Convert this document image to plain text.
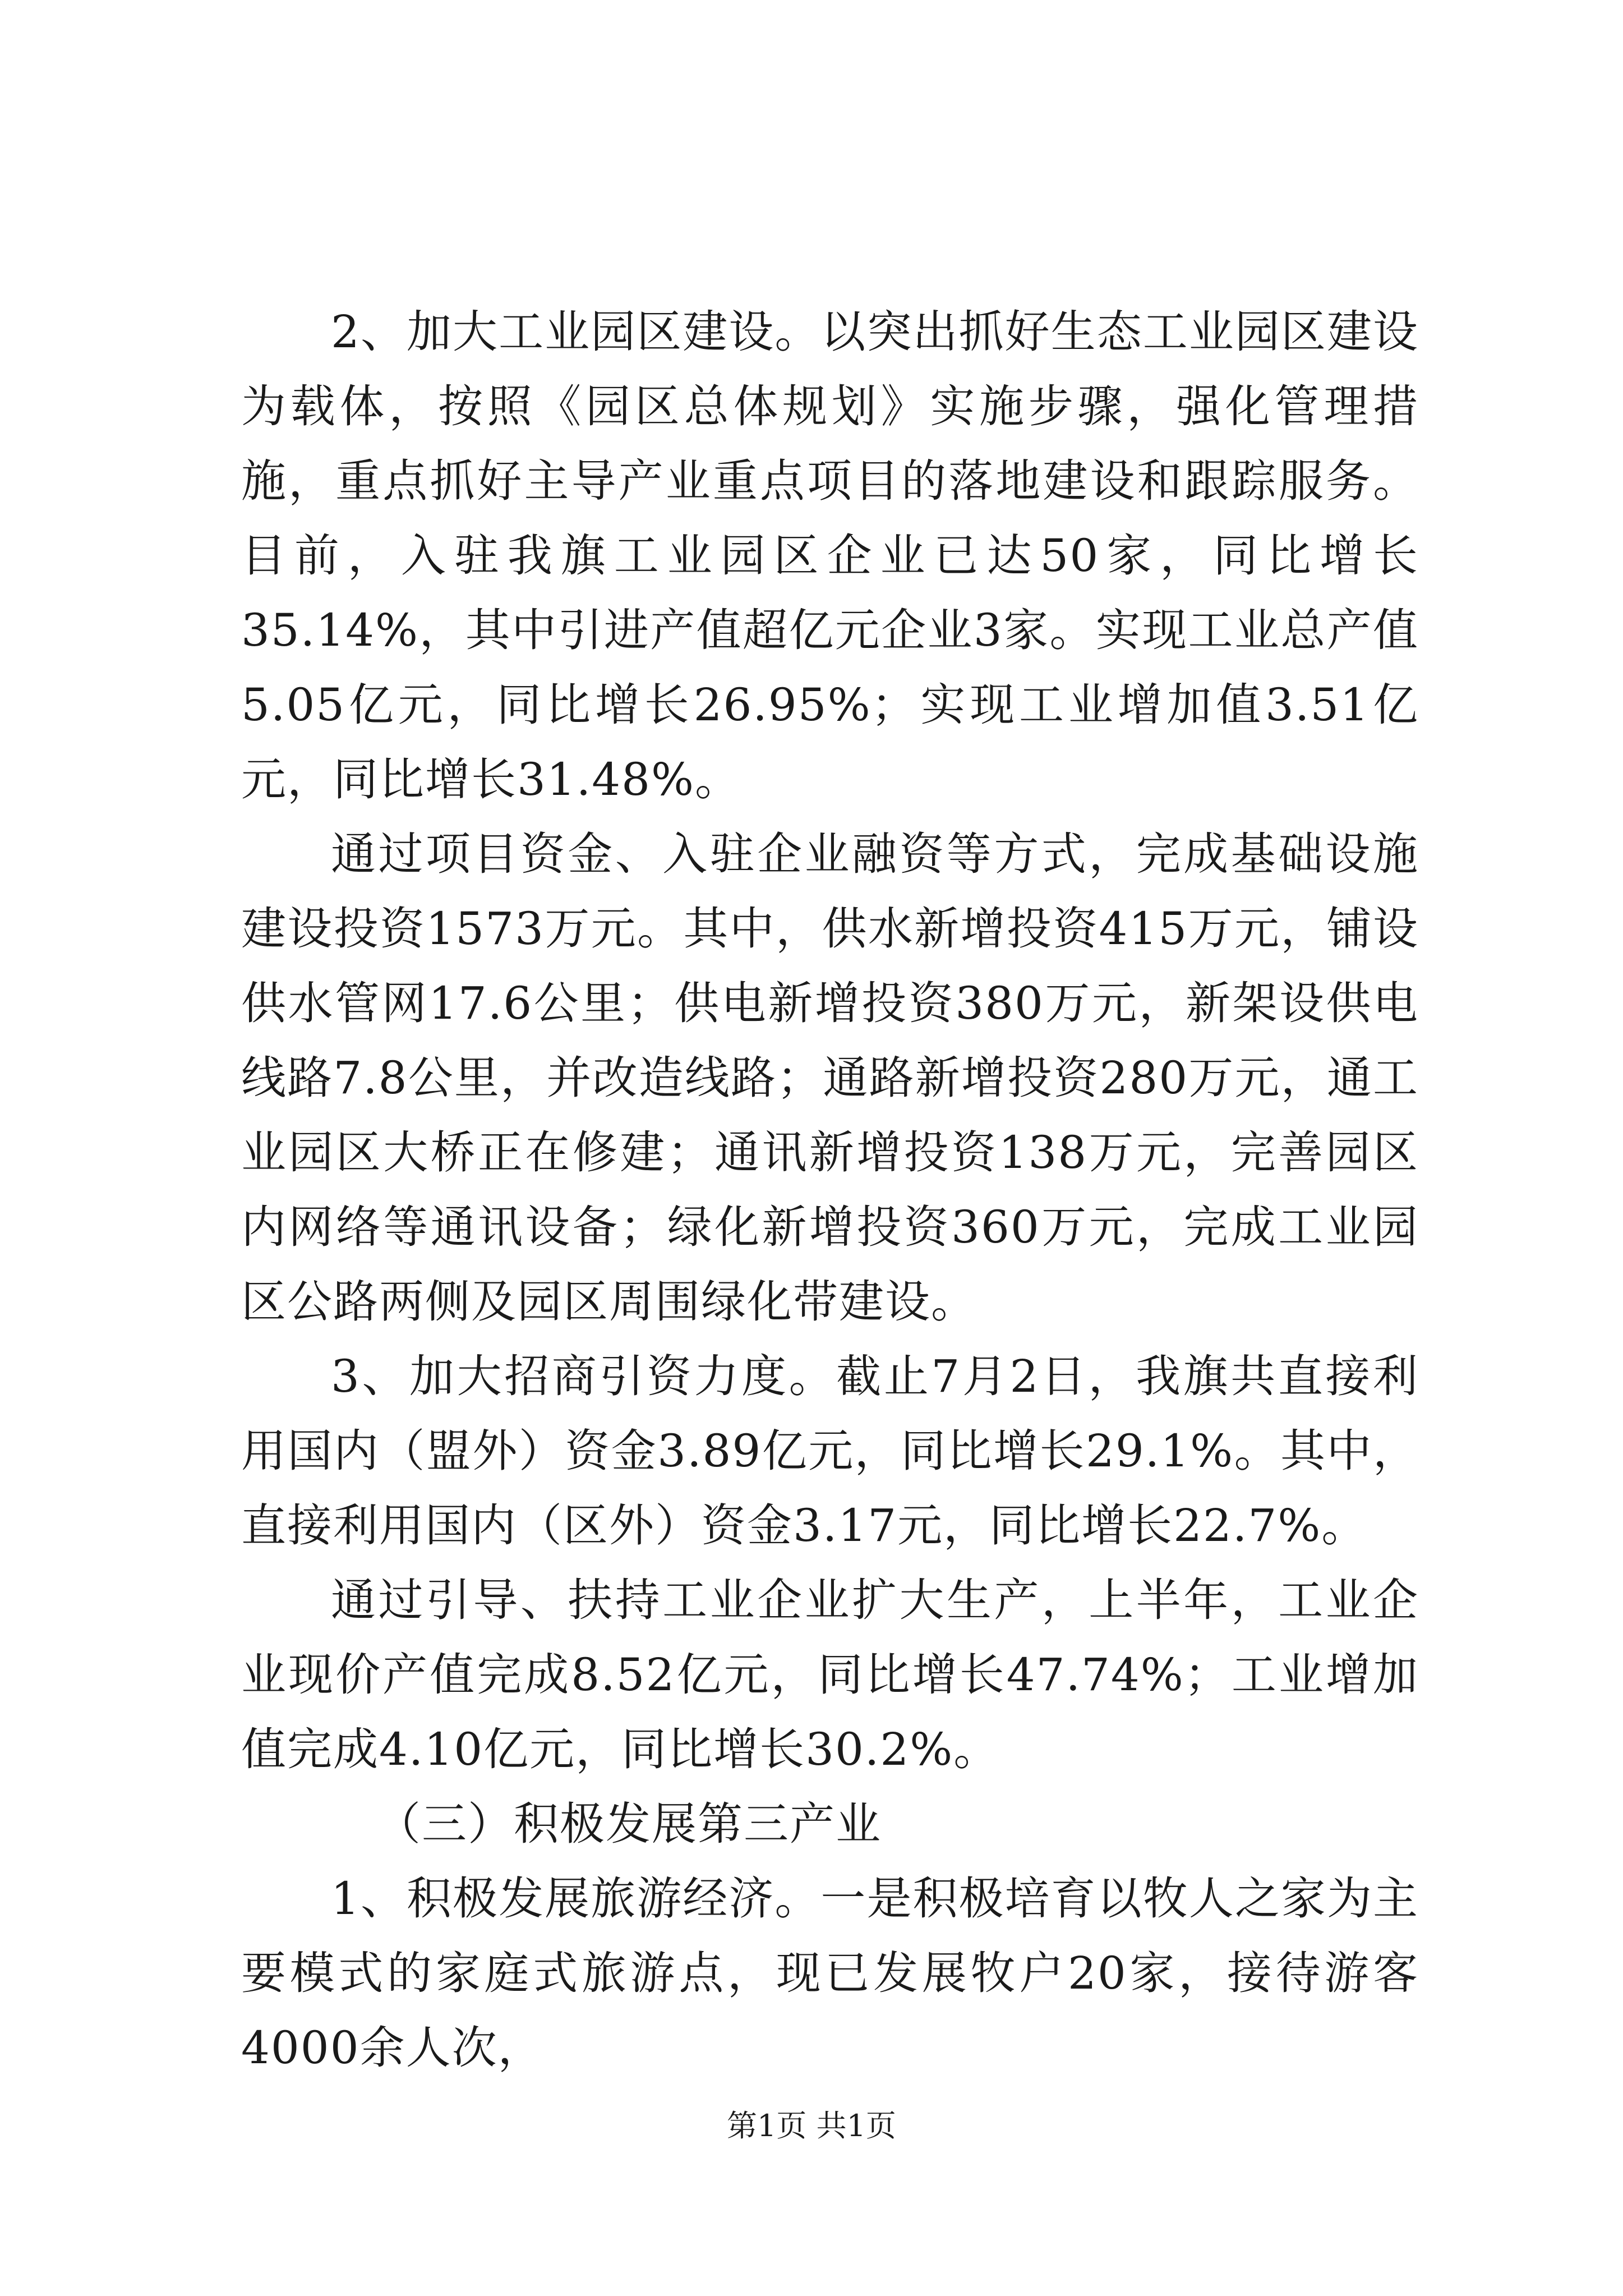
2、加大工业园区建设。以突出抓好生态工业园区建设为载体，按照《园区总体规划》实施步骤，强化管理措施，重点抓好主导产业重点项目的落地建设和跟踪服务。目前，入驻我旗工业园区企业已达50家，同比增长35.14%，其中引进产值超亿元企业3家。实现工业总产值5.05亿元，同比增长26.95%；实现工业增加值3.51亿元，同比增长31.48%。

通过项目资金、入驻企业融资等方式，完成基础设施建设投资1573万元。其中，供水新增投资415万元，铺设供水管网17.6公里；供电新增投资380万元，新架设供电线路7.8公里，并改造线路；通路新增投资280万元，通工业园区大桥正在修建；通讯新增投资138万元，完善园区内网络等通讯设备；绿化新增投资360万元，完成工业园区公路两侧及园区周围绿化带建设。

3、加大招商引资力度。截止7月2日，我旗共直接利用国内（盟外）资金3.89亿元，同比增长29.1%。其中，直接利用国内（区外）资金3.17元，同比增长22.7%。

通过引导、扶持工业企业扩大生产，上半年，工业企业现价产值完成8.52亿元，同比增长47.74%；工业增加值完成4.10亿元，同比增长30.2%。

（三）积极发展第三产业

1、积极发展旅游经济。一是积极培育以牧人之家为主要模式的家庭式旅游点，现已发展牧户20家，接待游客4000余人次，

第1页 共1页
